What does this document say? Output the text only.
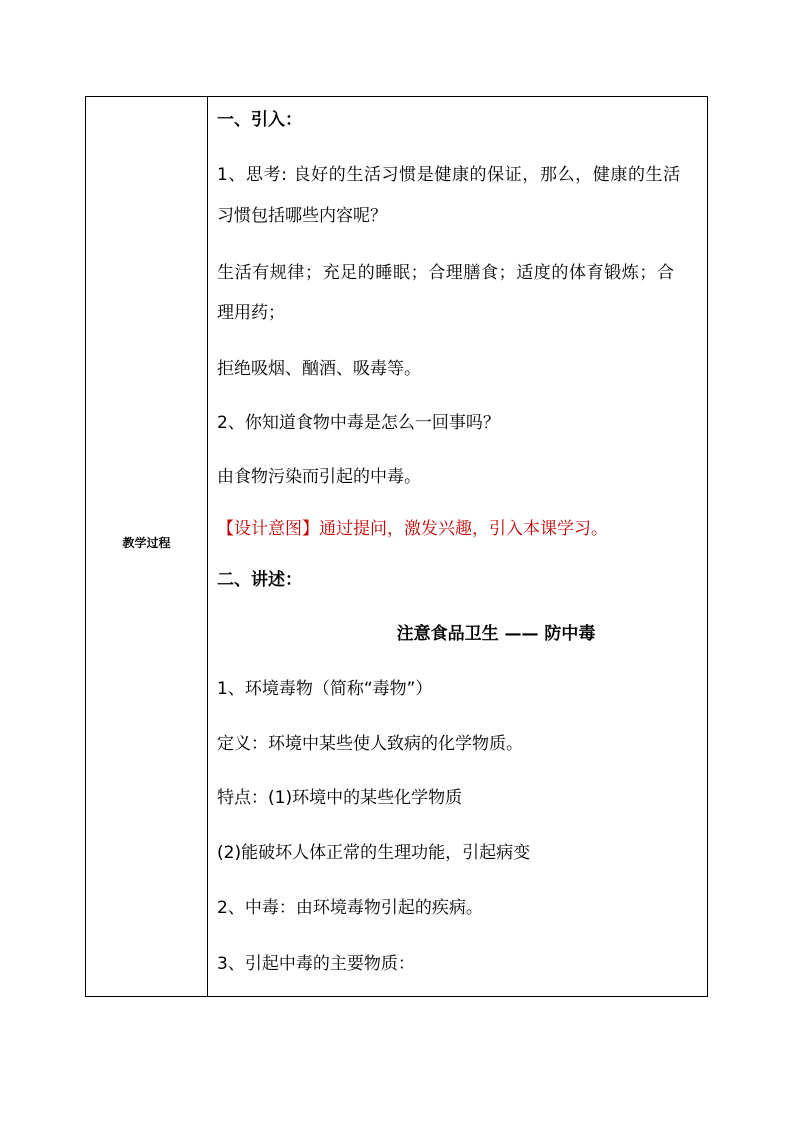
教学过程
一、引入：
1、思考: 良好的生活习惯是健康的保证，那么，健康的生活
习惯包括哪些内容呢？
生活有规律；充足的睡眠；合理膳食；适度的体育锻炼；合
理用药；
拒绝吸烟、酗酒、吸毒等。
2、你知道食物中毒是怎么一回事吗？
由食物污染而引起的中毒。
【设计意图】通过提问，激发兴趣，引入本课学习。
二、讲述：
注意食品卫生 —— 防中毒
1、环境毒物（简称“毒物”）
定义：环境中某些使人致病的化学物质。
特点：(1)环境中的某些化学物质
(2)能破坏人体正常的生理功能，引起病变
2、中毒：由环境毒物引起的疾病。
3、引起中毒的主要物质：
